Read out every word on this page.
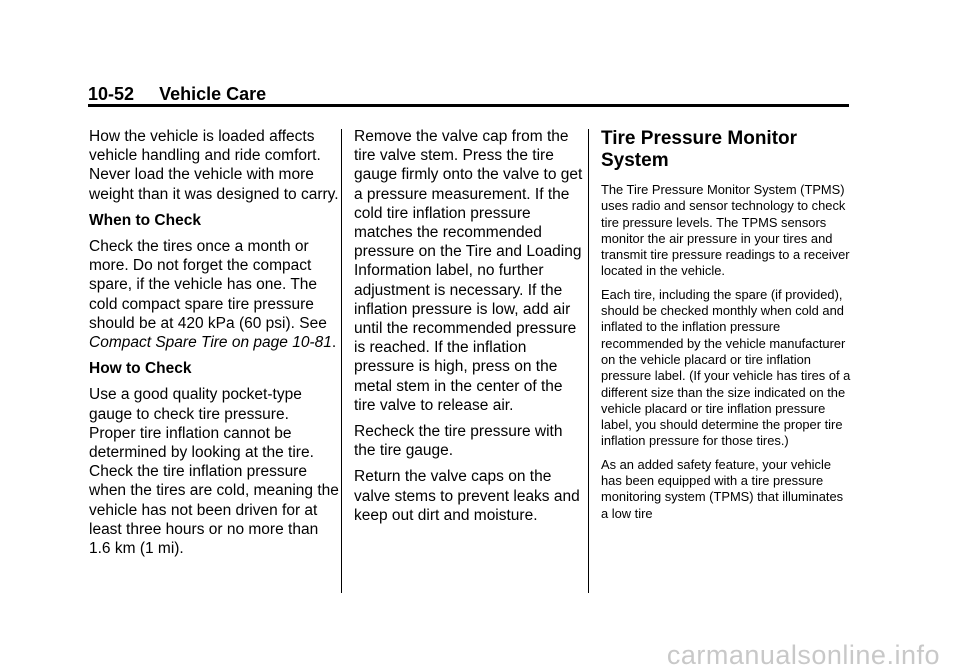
10-52 Vehicle Care

How the vehicle is loaded affects vehicle handling and ride comfort. Never load the vehicle with more weight than it was designed to carry.

When to Check

Check the tires once a month or more. Do not forget the compact spare, if the vehicle has one. The cold compact spare tire pressure should be at 420 kPa (60 psi). See Compact Spare Tire on page 10-81.

How to Check

Use a good quality pocket-type gauge to check tire pressure. Proper tire inflation cannot be determined by looking at the tire. Check the tire inflation pressure when the tires are cold, meaning the vehicle has not been driven for at least three hours or no more than 1.6 km (1 mi).

Remove the valve cap from the tire valve stem. Press the tire gauge firmly onto the valve to get a pressure measurement. If the cold tire inflation pressure matches the recommended pressure on the Tire and Loading Information label, no further adjustment is necessary. If the inflation pressure is low, add air until the recommended pressure is reached. If the inflation pressure is high, press on the metal stem in the center of the tire valve to release air.

Recheck the tire pressure with the tire gauge.

Return the valve caps on the valve stems to prevent leaks and keep out dirt and moisture.

Tire Pressure Monitor System

The Tire Pressure Monitor System (TPMS) uses radio and sensor technology to check tire pressure levels. The TPMS sensors monitor the air pressure in your tires and transmit tire pressure readings to a receiver located in the vehicle.

Each tire, including the spare (if provided), should be checked monthly when cold and inflated to the inflation pressure recommended by the vehicle manufacturer on the vehicle placard or tire inflation pressure label. (If your vehicle has tires of a different size than the size indicated on the vehicle placard or tire inflation pressure label, you should determine the proper tire inflation pressure for those tires.)

As an added safety feature, your vehicle has been equipped with a tire pressure monitoring system (TPMS) that illuminates a low tire

carmanualsonline.info
